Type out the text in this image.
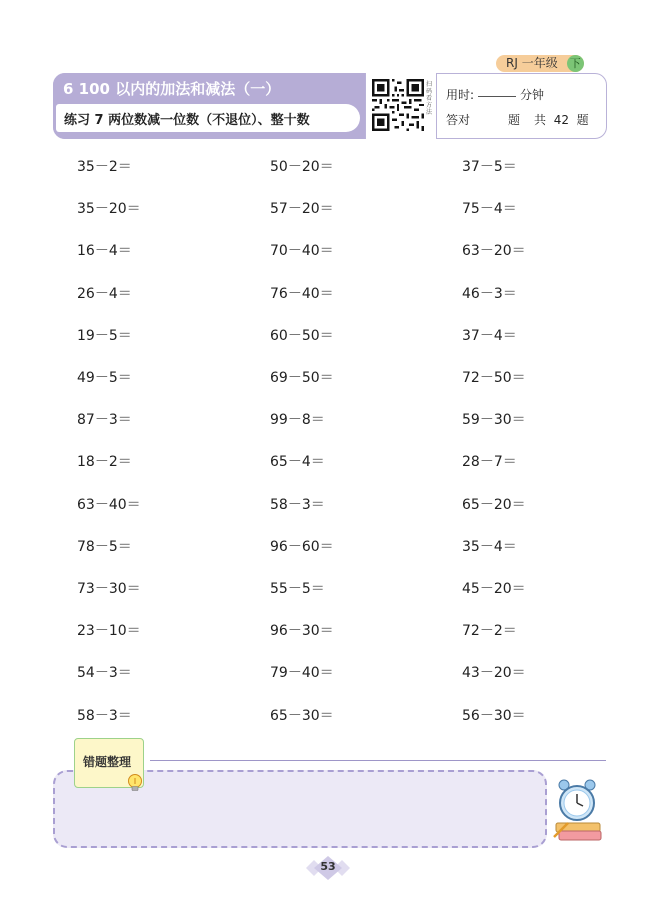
RJ 一年级 下
6 100 以内的加法和减法（一）
练习 7 两位数减一位数（不退位）、整十数
扫码看方法
用时:	分钟
答对	题 共 42 题
35－2＝
35－20＝
16－4＝
26－4＝
19－5＝
49－5＝
87－3＝
18－2＝
63－40＝
78－5＝
73－30＝
23－10＝
54－3＝
58－3＝
50－20＝
57－20＝
70－40＝
76－40＝
60－50＝
69－50＝
99－8＝
65－4＝
58－3＝
96－60＝
55－5＝
96－30＝
79－40＝
65－30＝
37－5＝
75－4＝
63－20＝
46－3＝
37－4＝
72－50＝
59－30＝
28－7＝
65－20＝
35－4＝
45－20＝
72－2＝
43－20＝
56－30＝
错题整理
53
